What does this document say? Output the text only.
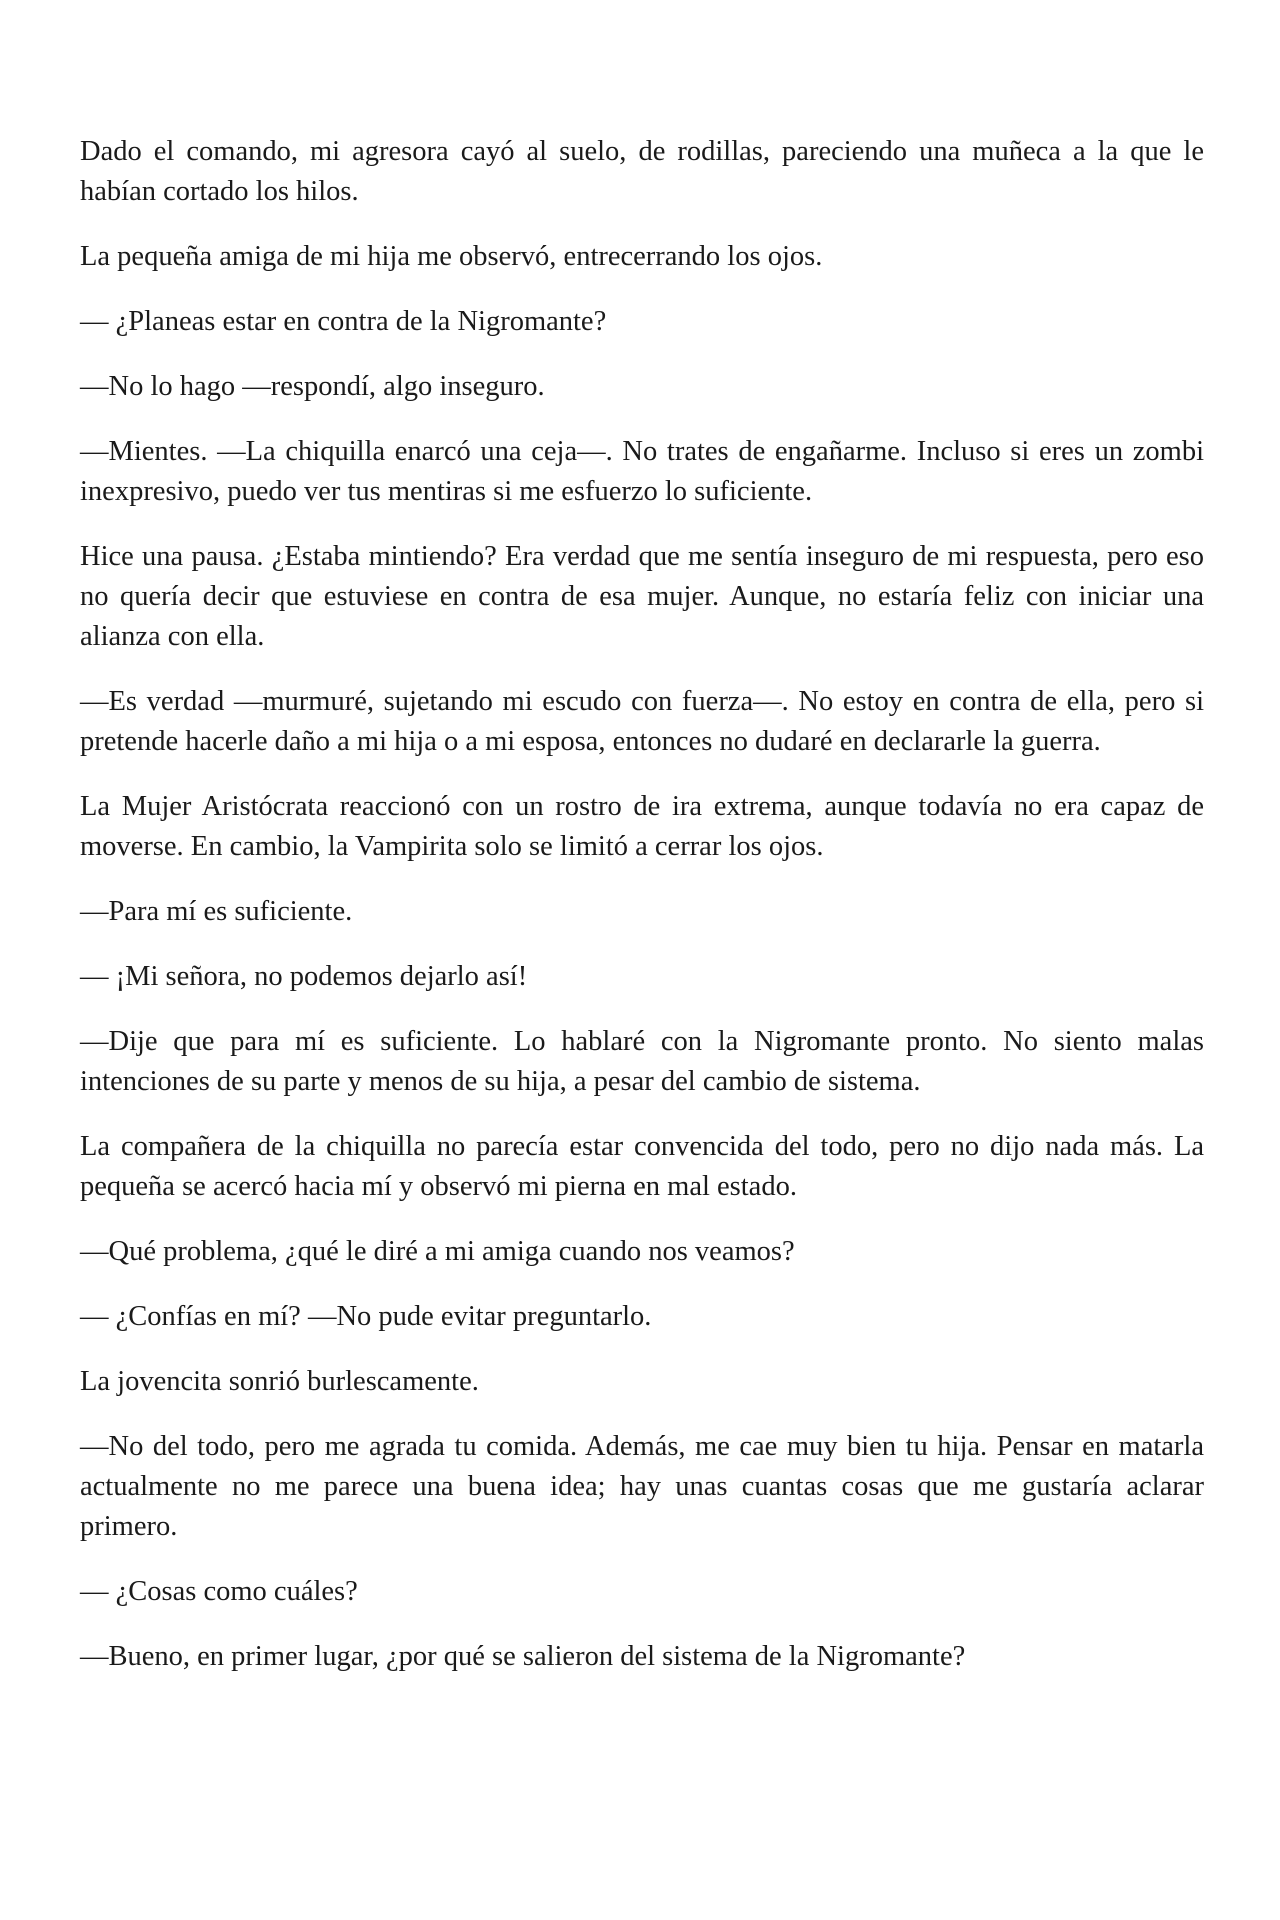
Dado el comando, mi agresora cayó al suelo, de rodillas, pareciendo una muñeca a la que le habían cortado los hilos.

La pequeña amiga de mi hija me observó, entrecerrando los ojos.

— ¿Planeas estar en contra de la Nigromante?

—No lo hago —respondí, algo inseguro.

—Mientes. —La chiquilla enarcó una ceja—. No trates de engañarme. Incluso si eres un zombi inexpresivo, puedo ver tus mentiras si me esfuerzo lo suficiente.

Hice una pausa. ¿Estaba mintiendo? Era verdad que me sentía inseguro de mi respuesta, pero eso no quería decir que estuviese en contra de esa mujer. Aunque, no estaría feliz con iniciar una alianza con ella.

—Es verdad —murmuré, sujetando mi escudo con fuerza—. No estoy en contra de ella, pero si pretende hacerle daño a mi hija o a mi esposa, entonces no dudaré en declararle la guerra.

La Mujer Aristócrata reaccionó con un rostro de ira extrema, aunque todavía no era capaz de moverse. En cambio, la Vampirita solo se limitó a cerrar los ojos.

—Para mí es suficiente.

— ¡Mi señora, no podemos dejarlo así!

—Dije que para mí es suficiente. Lo hablaré con la Nigromante pronto. No siento malas intenciones de su parte y menos de su hija, a pesar del cambio de sistema.

La compañera de la chiquilla no parecía estar convencida del todo, pero no dijo nada más. La pequeña se acercó hacia mí y observó mi pierna en mal estado.

—Qué problema, ¿qué le diré a mi amiga cuando nos veamos?

— ¿Confías en mí? —No pude evitar preguntarlo.

La jovencita sonrió burlescamente.

—No del todo, pero me agrada tu comida. Además, me cae muy bien tu hija. Pensar en matarla actualmente no me parece una buena idea; hay unas cuantas cosas que me gustaría aclarar primero.

— ¿Cosas como cuáles?

—Bueno, en primer lugar, ¿por qué se salieron del sistema de la Nigromante?
